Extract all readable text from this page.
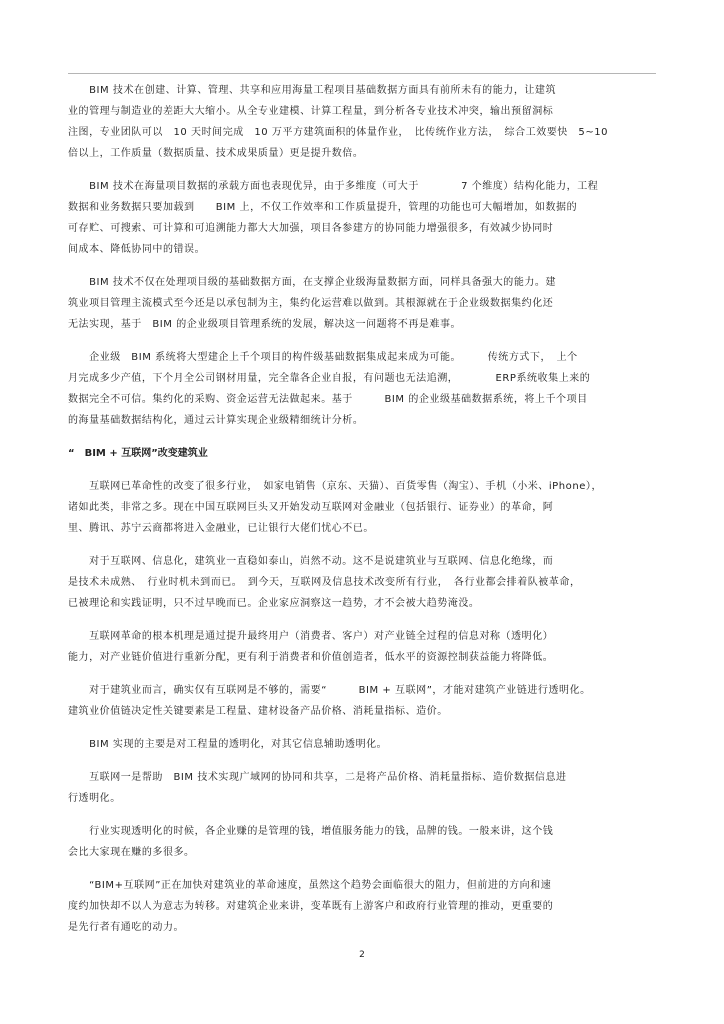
　　BIM 技术在创建、计算、管理、共享和应用海量工程项目基础数据方面具有前所未有的能力，让建筑
业的管理与制造业的差距大大缩小。从全专业建模、计算工程量，到分析各专业技术冲突，输出预留洞标
注图，专业团队可以　10 天时间完成　10 万平方建筑面积的体量作业，　比传统作业方法，　综合工效要快　5~10
倍以上，工作质量（数据质量、技术成果质量）更是提升数倍。
　　BIM 技术在海量项目数据的承载方面也表现优异，由于多维度（可大于　　　　7 个维度）结构化能力，工程
数据和业务数据只要加载到　　BIM 上，不仅工作效率和工作质量提升，管理的功能也可大幅增加，如数据的
可存贮、可搜索、可计算和可追溯能力都大大加强，项目各参建方的协同能力增强很多，有效减少协同时
间成本、降低协同中的错误。
　　BIM 技术不仅在处理项目级的基础数据方面，在支撑企业级海量数据方面，同样具备强大的能力。建
筑业项目管理主流模式至今还是以承包制为主，集约化运营难以做到。其根源就在于企业级数据集约化还
无法实现，基于　BIM 的企业级项目管理系统的发展，解决这一问题将不再是难事。
　　企业级　BIM 系统将大型建企上千个项目的构件级基础数据集成起来成为可能。　　　传统方式下，　上个
月完成多少产值，下个月全公司钢材用量，完全靠各企业自报，有问题也无法追溯，　　　　ERP系统收集上来的
数据完全不可信。集约化的采购、资金运营无法做起来。基于　　　BIM 的企业级基础数据系统，将上千个项目
的海量基础数据结构化，通过云计算实现企业级精细统计分析。
“　BIM + 互联网”改变建筑业
　　互联网已革命性的改变了很多行业，　如家电销售（京东、天猫）、百货零售（淘宝）、手机（小米、iPhone），
诸如此类，非常之多。现在中国互联网巨头又开始发动互联网对金融业（包括银行、证券业）的革命，阿
里、腾讯、苏宁云商都将进入金融业，已让银行大佬们忧心不已。
　　对于互联网、信息化，建筑业一直稳如泰山，岿然不动。这不是说建筑业与互联网、信息化绝缘，而
是技术未成熟、　行业时机未到而已。　到今天，互联网及信息技术改变所有行业，　各行业都会排着队被革命，
已被理论和实践证明，只不过早晚而已。企业家应洞察这一趋势，才不会被大趋势淹没。
　　互联网革命的根本机理是通过提升最终用户（消费者、客户）对产业链全过程的信息对称（透明化）
能力，对产业链价值进行重新分配，更有利于消费者和价值创造者，低水平的资源控制获益能力将降低。
　　对于建筑业而言，确实仅有互联网是不够的，需要“　　　BIM + 互联网”，才能对建筑产业链进行透明化。
建筑业价值链决定性关键要素是工程量、建材设备产品价格、消耗量指标、造价。
　　BIM 实现的主要是对工程量的透明化，对其它信息辅助透明化。
　　互联网一是帮助　BIM 技术实现广域网的协同和共享，二是将产品价格、消耗量指标、造价数据信息进
行透明化。
　　行业实现透明化的时候，各企业赚的是管理的钱，增值服务能力的钱，品牌的钱。一般来讲，这个钱
会比大家现在赚的多很多。
　　“BIM+互联网”正在加快对建筑业的革命速度，虽然这个趋势会面临很大的阻力，但前进的方向和速
度约加快却不以人为意志为转移。对建筑企业来讲，变革既有上游客户和政府行业管理的推动，更重要的
是先行者有通吃的动力。
2
